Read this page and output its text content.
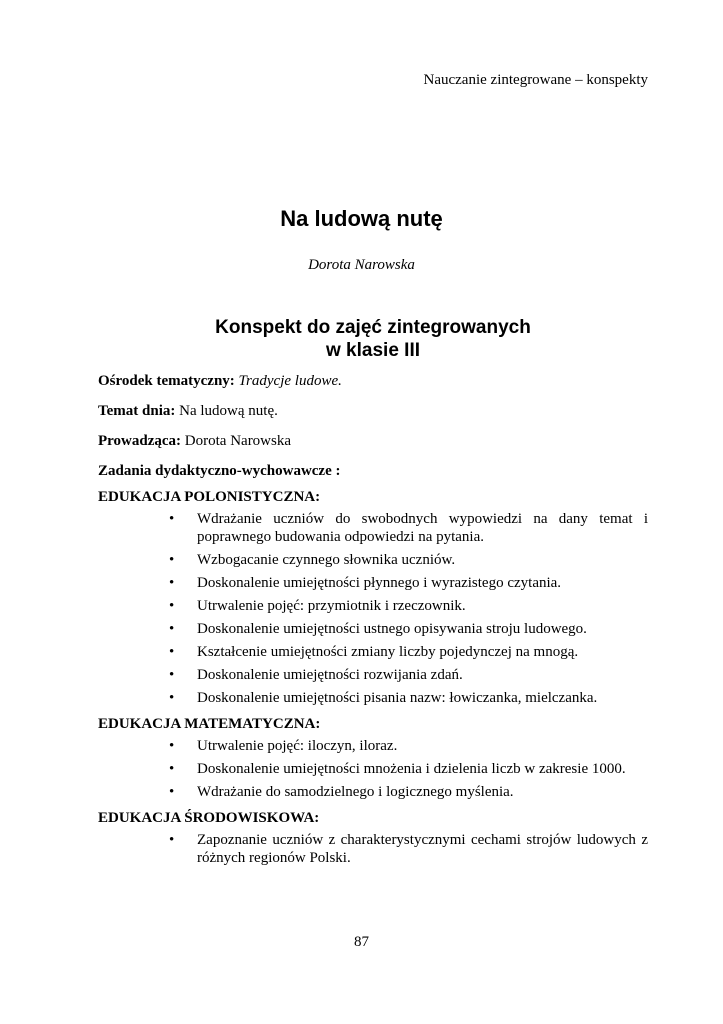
Nauczanie zintegrowane – konspekty
Na ludową nutę
Dorota Narowska
Konspekt do zajęć zintegrowanych
w klasie III

Ośrodek tematyczny: Tradycje ludowe.

Temat dnia: Na ludową nutę.

Prowadząca: Dorota Narowska

Zadania dydaktyczno-wychowawcze :

EDUKACJA POLONISTYCZNA:
• Wdrażanie uczniów do swobodnych wypowiedzi na dany temat i poprawnego budowania odpowiedzi na pytania.
• Wzbogacanie czynnego słownika uczniów.
• Doskonalenie umiejętności płynnego i wyrazistego czytania.
• Utrwalenie pojęć: przymiotnik i rzeczownik.
• Doskonalenie umiejętności ustnego opisywania stroju ludowego.
• Kształcenie umiejętności zmiany liczby pojedynczej na mnogą.
• Doskonalenie umiejętności rozwijania zdań.
• Doskonalenie umiejętności pisania nazw: łowiczanka, mielczanka.
EDUKACJA MATEMATYCZNA:
• Utrwalenie pojęć: iloczyn, iloraz.
• Doskonalenie umiejętności mnożenia i dzielenia liczb w zakresie 1000.
• Wdrażanie do samodzielnego i logicznego myślenia.
EDUKACJA ŚRODOWISKOWA:
• Zapoznanie uczniów z charakterystycznymi cechami strojów ludowych z różnych regionów Polski.
87
